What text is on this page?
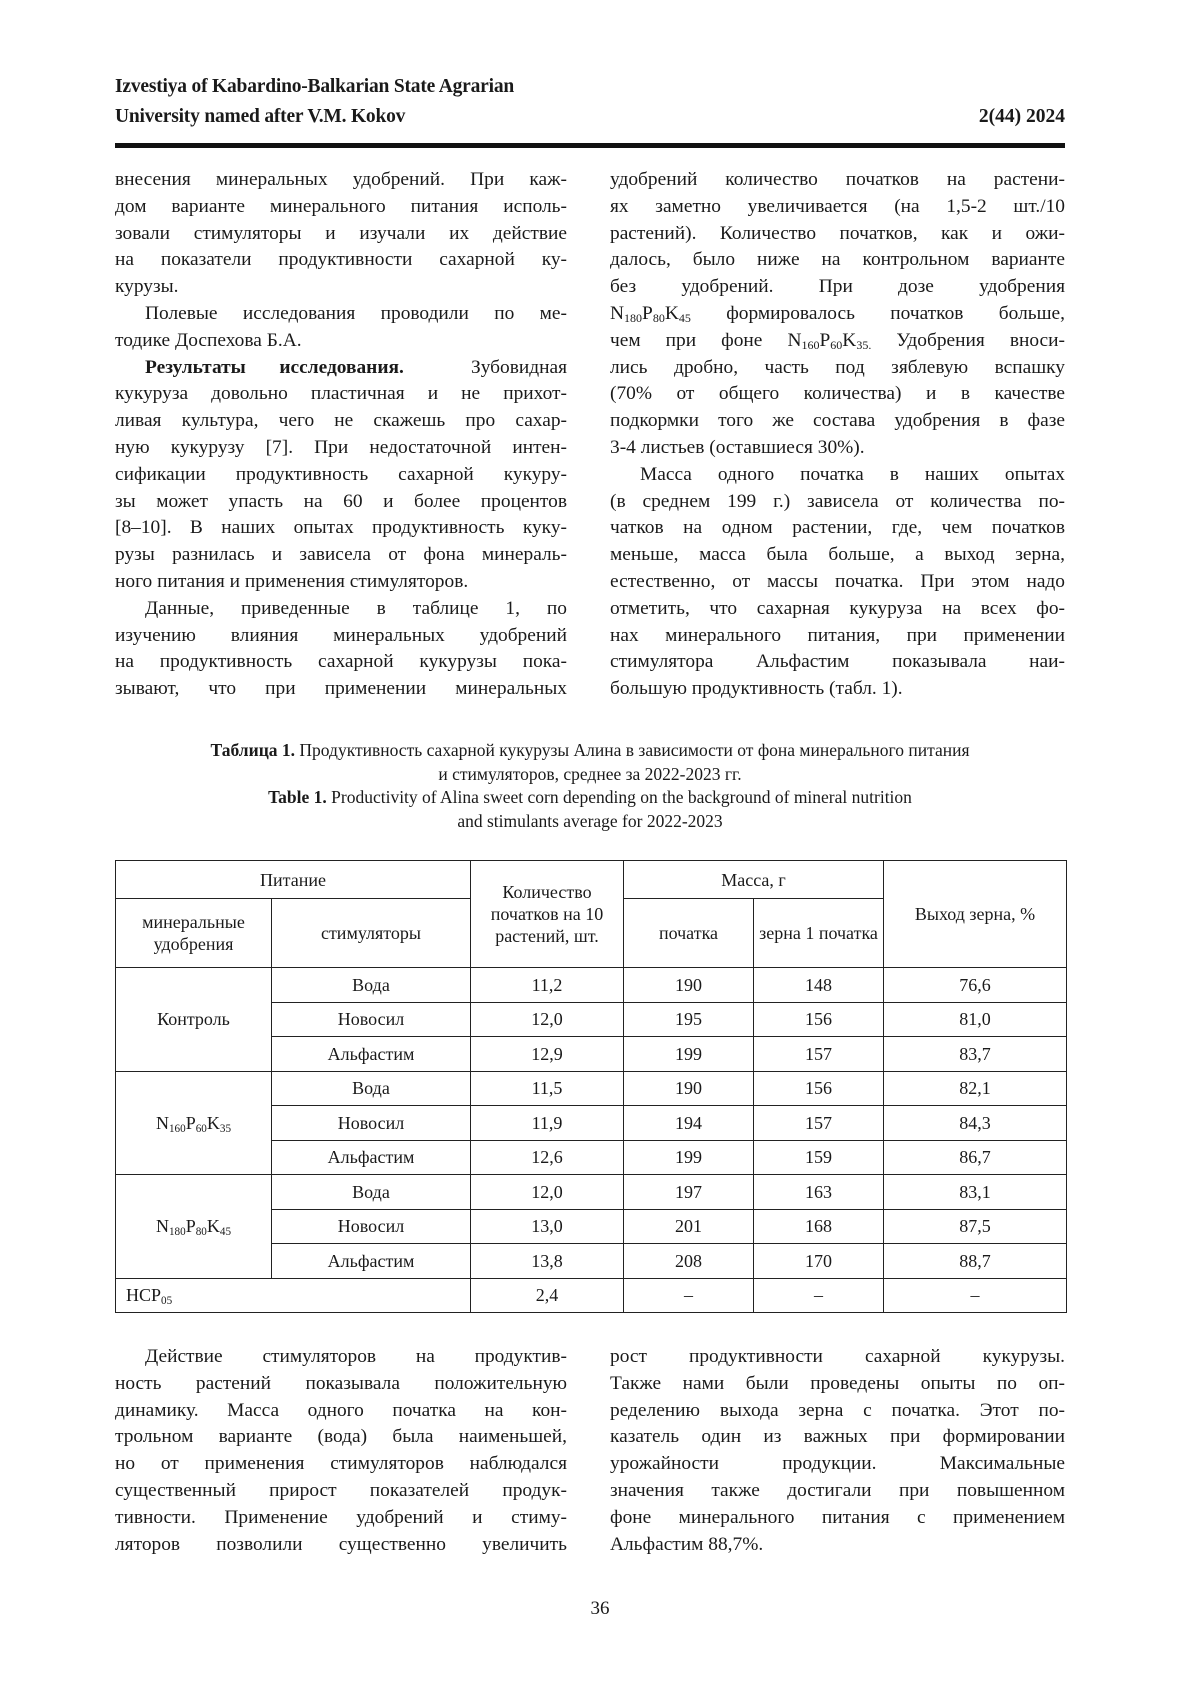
Izvestiya of Kabardino-Balkarian State Agrarian
University named after V.M. Kokov	2(44) 2024
внесения минеральных удобрений. При каж-
дом варианте минерального питания исполь-
зовали стимуляторы и изучали их действие
на показатели продуктивности сахарной ку-
курузы.
Полевые исследования проводили по ме-
тодике Доспехова Б.А.
Результаты исследования.	Зубовидная
кукуруза довольно пластичная и не прихот-
ливая культура, чего не скажешь про сахар-
ную кукурузу [7]. При недостаточной интен-
сификации продуктивность сахарной кукуру-
зы может упасть на 60 и более процентов
[8–10]. В наших опытах продуктивность куку-
рузы разнилась и зависела от фона минераль-
ного питания и применения стимуляторов.
Данные, приведенные в таблице 1, по
изучению влияния минеральных удобрений
на продуктивность сахарной кукурузы пока-
зывают, что при применении минеральных
удобрений количество початков на растени-
ях заметно увеличивается (на 1,5-2 шт./10
растений). Количество початков, как и ожи-
далось, было ниже на контрольном варианте
без удобрений. При дозе удобрения
$N_{180}P_{80}K_{45}$ формировалось початков больше,
чем при фоне $N_{160}P_{60}K_{35.}$ Удобрения вноси-
лись дробно, часть под зяблевую вспашку
(70% от общего количества) и в качестве
подкормки того же состава удобрения в фазе
3-4 листьев (оставшиеся 30%).
Масса одного початка в наших опытах
(в среднем 199 г.) зависела от количества по-
чатков на одном растении, где, чем початков
меньше, масса была больше, а выход зерна,
естественно, от массы початка. При этом надо
отметить, что сахарная кукуруза на всех фо-
нах минерального питания, при применении
стимулятора Альфастим показывала наи-
большую продуктивность (табл. 1).
Таблица 1. Продуктивность сахарной кукурузы Алина в зависимости от фона минерального питания
и стимуляторов, среднее за 2022-2023 гг.
Table 1. Productivity of Alina sweet corn depending on the background of mineral nutrition
and stimulants average for 2022-2023
Питание		Количество початков на 10 растений, шт.	Масса, г		Выход зерна, %
минеральные удобрения	стимуляторы		початка	зерна 1 початка	
Контроль	Вода	11,2	190	148	76,6
	Новосил	12,0	195	156	81,0
	Альфастим	12,9	199	157	83,7
$N_{160}P_{60}K_{35}$	Вода	11,5	190	156	82,1
	Новосил	11,9	194	157	84,3
	Альфастим	12,6	199	159	86,7
$N_{180}P_{80}K_{45}$	Вода	12,0	197	163	83,1
	Новосил	13,0	201	168	87,5
	Альфастим	13,8	208	170	88,7
$НСР_{05}$		2,4	–	–	–
Действие стимуляторов на продуктив-
ность растений показывала положительную
динамику. Масса одного початка на кон-
трольном варианте (вода) была наименьшей,
но от применения стимуляторов наблюдался
существенный прирост показателей продук-
тивности. Применение удобрений и стиму-
ляторов позволили существенно увеличить
рост продуктивности сахарной кукурузы.
Также нами были проведены опыты по оп-
ределению выхода зерна с початка. Этот по-
казатель один из важных при формировании
урожайности продукции. Максимальные
значения также достигали при повышенном
фоне минерального питания с применением
Альфастим 88,7%.
36
